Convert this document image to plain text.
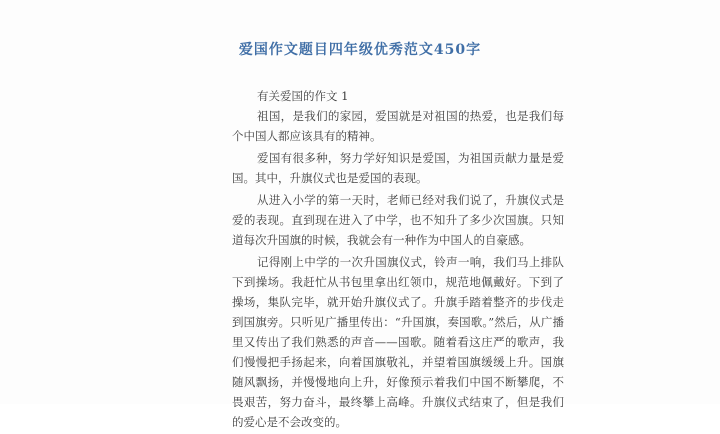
爱国作文题目四年级优秀范文450字
有关爱国的作文 1

祖国，是我们的家园，爱国就是对祖国的热爱，也是我们每个中国人都应该具有的精神。

爱国有很多种，努力学好知识是爱国，为祖国贡献力量是爱国。其中，升旗仪式也是爱国的表现。

从进入小学的第一天时，老师已经对我们说了，升旗仪式是爱的表现。直到现在进入了中学，也不知升了多少次国旗。只知道每次升国旗的时候，我就会有一种作为中国人的自豪感。

记得刚上中学的一次升国旗仪式，铃声一响，我们马上排队下到操场。我赶忙从书包里拿出红领巾，规范地佩戴好。下到了操场，集队完毕，就开始升旗仪式了。升旗手踏着整齐的步伐走到国旗旁。只听见广播里传出：“升国旗，奏国歌。”然后，从广播里又传出了我们熟悉的声音——国歌。随着看这庄严的歌声，我们慢慢把手扬起来，向着国旗敬礼，并望着国旗缓缓上升。国旗随风飘扬，并慢慢地向上升，好像预示着我们中国不断攀爬，不畏艰苦，努力奋斗，最终攀上高峰。升旗仪式结束了，但是我们的爱心是不会改变的。
